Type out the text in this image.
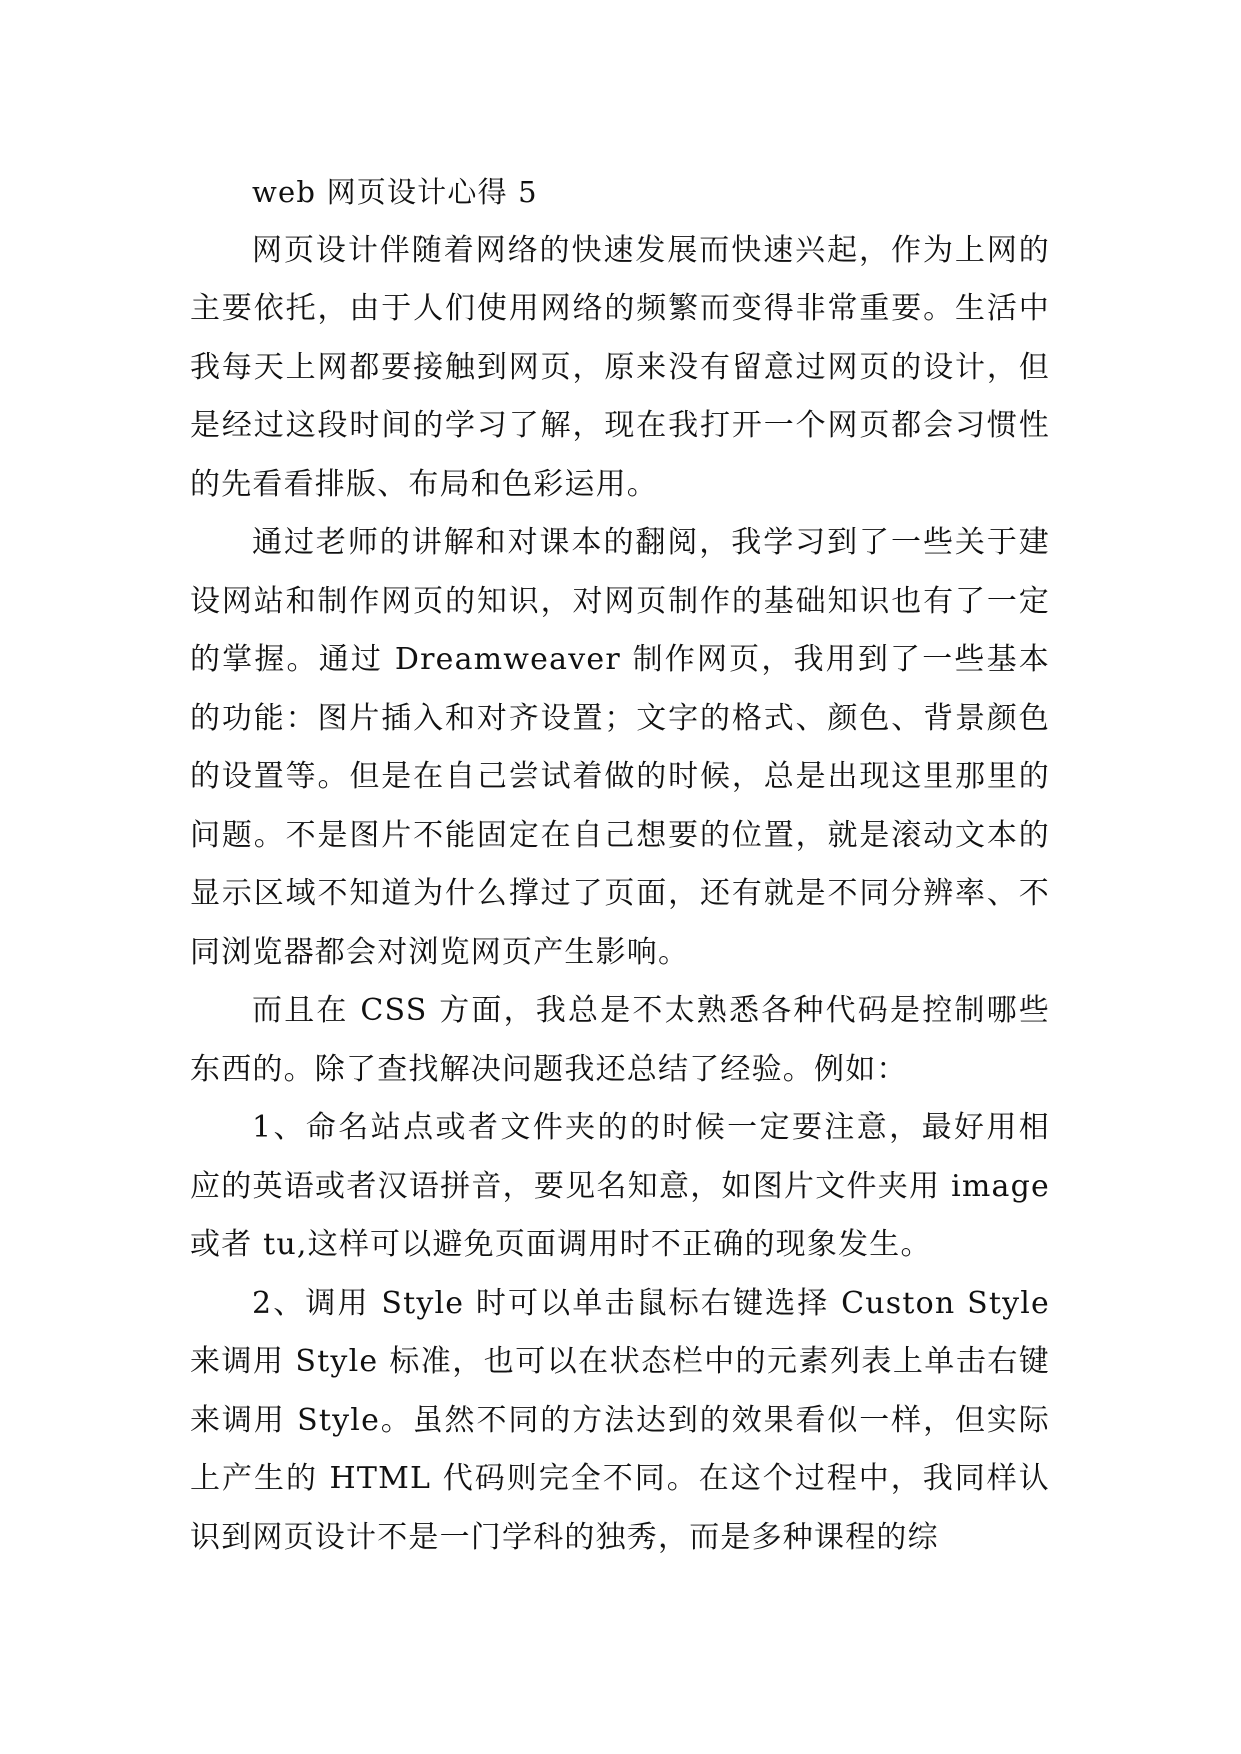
web 网页设计心得 5

网页设计伴随着网络的快速发展而快速兴起，作为上网的主要依托，由于人们使用网络的频繁而变得非常重要。生活中我每天上网都要接触到网页，原来没有留意过网页的设计，但是经过这段时间的学习了解，现在我打开一个网页都会习惯性的先看看排版、布局和色彩运用。

通过老师的讲解和对课本的翻阅，我学习到了一些关于建设网站和制作网页的知识，对网页制作的基础知识也有了一定的掌握。通过 Dreamweaver 制作网页，我用到了一些基本的功能：图片插入和对齐设置；文字的格式、颜色、背景颜色的设置等。但是在自己尝试着做的时候，总是出现这里那里的问题。不是图片不能固定在自己想要的位置，就是滚动文本的显示区域不知道为什么撑过了页面，还有就是不同分辨率、不同浏览器都会对浏览网页产生影响。

而且在 CSS 方面，我总是不太熟悉各种代码是控制哪些东西的。除了查找解决问题我还总结了经验。例如：

1、命名站点或者文件夹的的时候一定要注意，最好用相应的英语或者汉语拼音，要见名知意，如图片文件夹用 image 或者 tu,这样可以避免页面调用时不正确的现象发生。

2、调用 Style 时可以单击鼠标右键选择 Custon Style 来调用 Style 标准，也可以在状态栏中的元素列表上单击右键来调用 Style。虽然不同的方法达到的效果看似一样，但实际上产生的 HTML 代码则完全不同。在这个过程中，我同样认识到网页设计不是一门学科的独秀，而是多种课程的综
